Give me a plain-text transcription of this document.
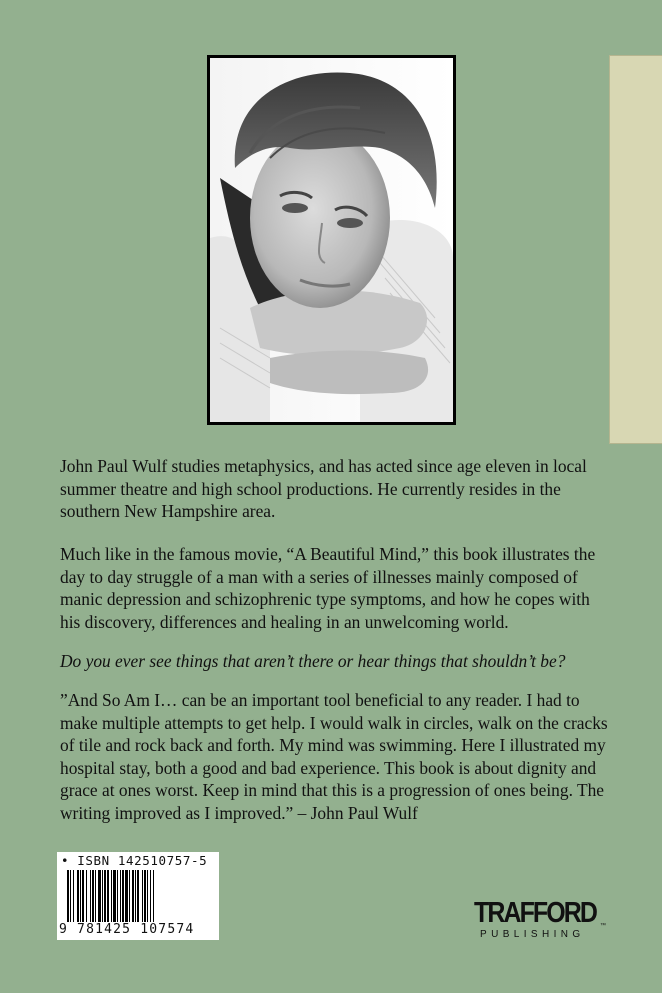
John Paul Wulf studies metaphysics, and has acted since age eleven in local summer theatre and high school productions. He currently resides in the southern New Hampshire area.
Much like in the famous movie, “A Beautiful Mind,” this book illustrates the day to day struggle of a man with a series of illnesses mainly composed of manic depression and schizophrenic type symptoms, and how he copes with his discovery, differences and healing in an unwelcoming world.
Do you ever see things that aren’t there or hear things that shouldn’t be?
”And So Am I… can be an important tool beneficial to any reader. I had to make multiple attempts to get help. I would walk in circles, walk on the cracks of tile and rock back and forth. My mind was swimming. Here I illustrated my hospital stay, both a good and bad experience. This book is about dignity and grace at ones worst. Keep in mind that this is a progression of ones being. The writing improved as I improved.” – John Paul Wulf
• ISBN 142510757-5
9 781425 107574
TRAFFORD
PUBLISHING
™
